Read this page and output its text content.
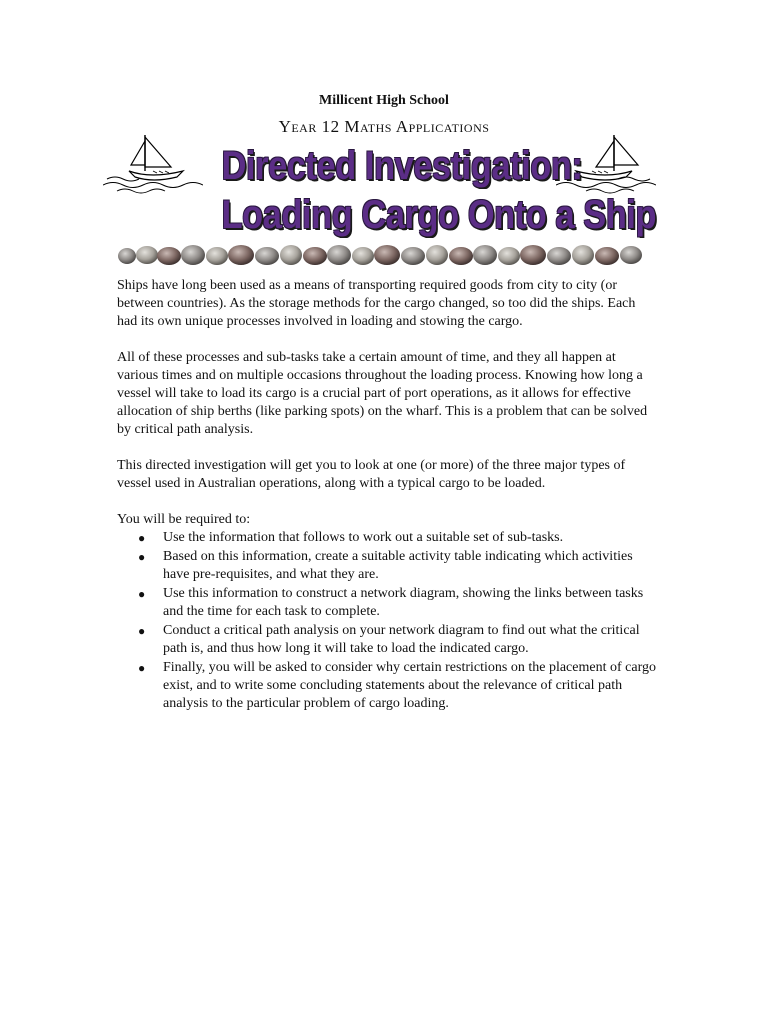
Millicent High School
Year 12 Maths Applications
Directed Investigation:
Loading Cargo Onto a Ship

Ships have long been used as a means of transporting required goods from city to city (or between countries). As the storage methods for the cargo changed, so too did the ships. Each had its own unique processes involved in loading and stowing the cargo.

All of these processes and sub-tasks take a certain amount of time, and they all happen at various times and on multiple occasions throughout the loading process. Knowing how long a vessel will take to load its cargo is a crucial part of port operations, as it allows for effective allocation of ship berths (like parking spots) on the wharf. This is a problem that can be solved by critical path analysis.

This directed investigation will get you to look at one (or more) of the three major types of vessel used in Australian operations, along with a typical cargo to be loaded.

You will be required to:

● Use the information that follows to work out a suitable set of sub-tasks.
● Based on this information, create a suitable activity table indicating which activities have pre-requisites, and what they are.
● Use this information to construct a network diagram, showing the links between tasks and the time for each task to complete.
● Conduct a critical path analysis on your network diagram to find out what the critical path is, and thus how long it will take to load the indicated cargo.
● Finally, you will be asked to consider why certain restrictions on the placement of cargo exist, and to write some concluding statements about the relevance of critical path analysis to the particular problem of cargo loading.
